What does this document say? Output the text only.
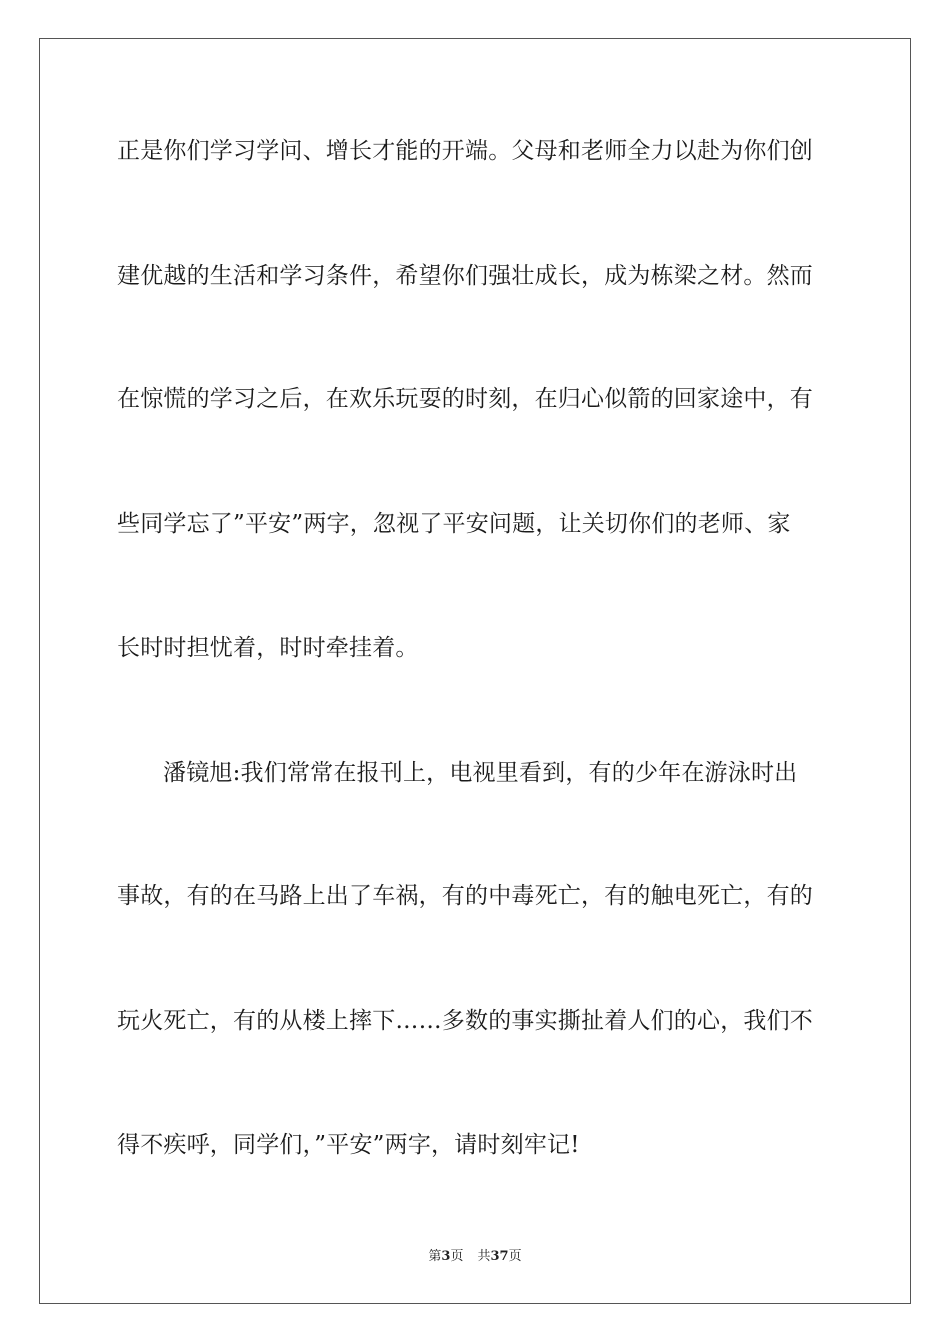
正是你们学习学问、增长才能的开端。父母和老师全力以赴为你们创
建优越的生活和学习条件，希望你们强壮成长，成为栋梁之材。然而
在惊慌的学习之后，在欢乐玩耍的时刻，在归心似箭的回家途中，有
些同学忘了”平安”两字，忽视了平安问题，让关切你们的老师、家
长时时担忧着，时时牵挂着。
潘镜旭:我们常常在报刊上，电视里看到，有的少年在游泳时出
事故，有的在马路上出了车祸，有的中毒死亡，有的触电死亡，有的
玩火死亡，有的从楼上摔下……多数的事实撕扯着人们的心，我们不
得不疾呼，同学们，”平安”两字，请时刻牢记!
第3页 共37页
